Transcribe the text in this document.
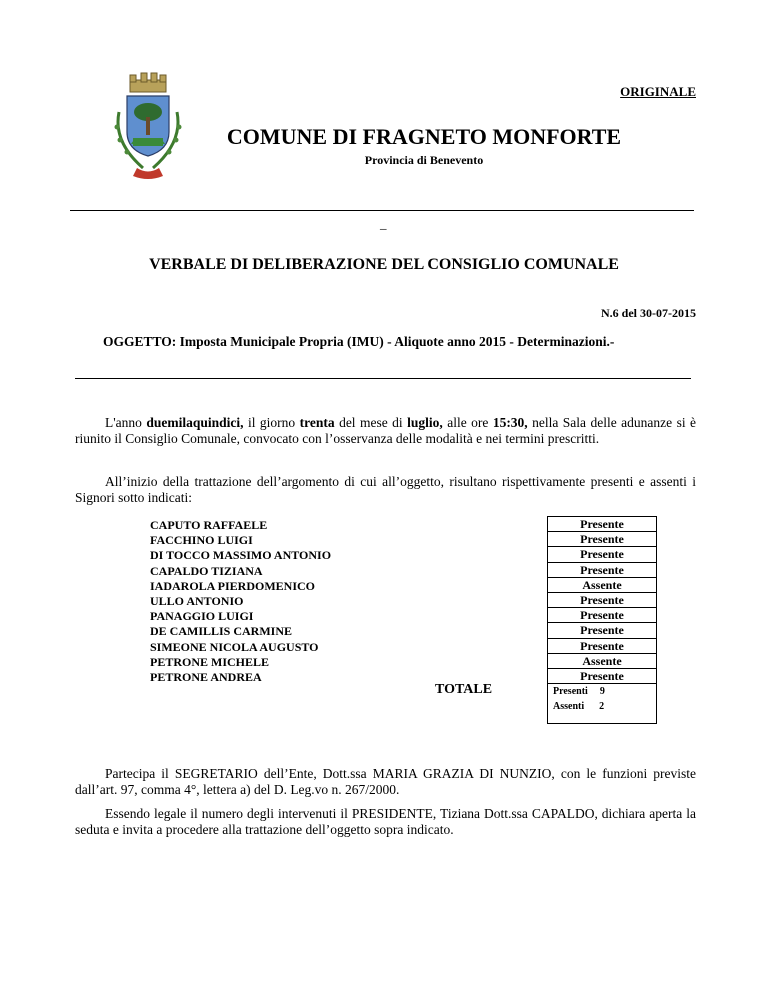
ORIGINALE
COMUNE DI FRAGNETO MONFORTE
Provincia di Benevento
_
VERBALE DI DELIBERAZIONE DEL CONSIGLIO COMUNALE
N.6 del 30-07-2015
OGGETTO: Imposta Municipale Propria (IMU) - Aliquote anno 2015 - Determinazioni.-
L'anno duemilaquindici, il giorno trenta del mese di luglio, alle ore 15:30, nella Sala delle adunanze si è riunito il Consiglio Comunale, convocato con l’osservanza delle modalità e nei termini prescritti.
All’inizio della trattazione dell’argomento di cui all’oggetto, risultano rispettivamente presenti e assenti i Signori sotto indicati:
CAPUTO RAFFAELE
FACCHINO LUIGI
DI TOCCO MASSIMO ANTONIO
CAPALDO TIZIANA
IADAROLA PIERDOMENICO
ULLO ANTONIO
PANAGGIO LUIGI
DE CAMILLIS CARMINE
SIMEONE NICOLA AUGUSTO
PETRONE MICHELE
PETRONE ANDREA
TOTALE
Presente
Presente
Presente
Presente
Assente
Presente
Presente
Presente
Presente
Assente
Presente
Presenti 9
Assenti 2
Partecipa il SEGRETARIO dell’Ente, Dott.ssa MARIA GRAZIA DI NUNZIO, con le funzioni previste dall’art. 97, comma 4°, lettera a) del D. Leg.vo n. 267/2000.
Essendo legale il numero degli intervenuti il PRESIDENTE, Tiziana Dott.ssa CAPALDO, dichiara aperta la seduta e invita a procedere alla trattazione dell’oggetto sopra indicato.
